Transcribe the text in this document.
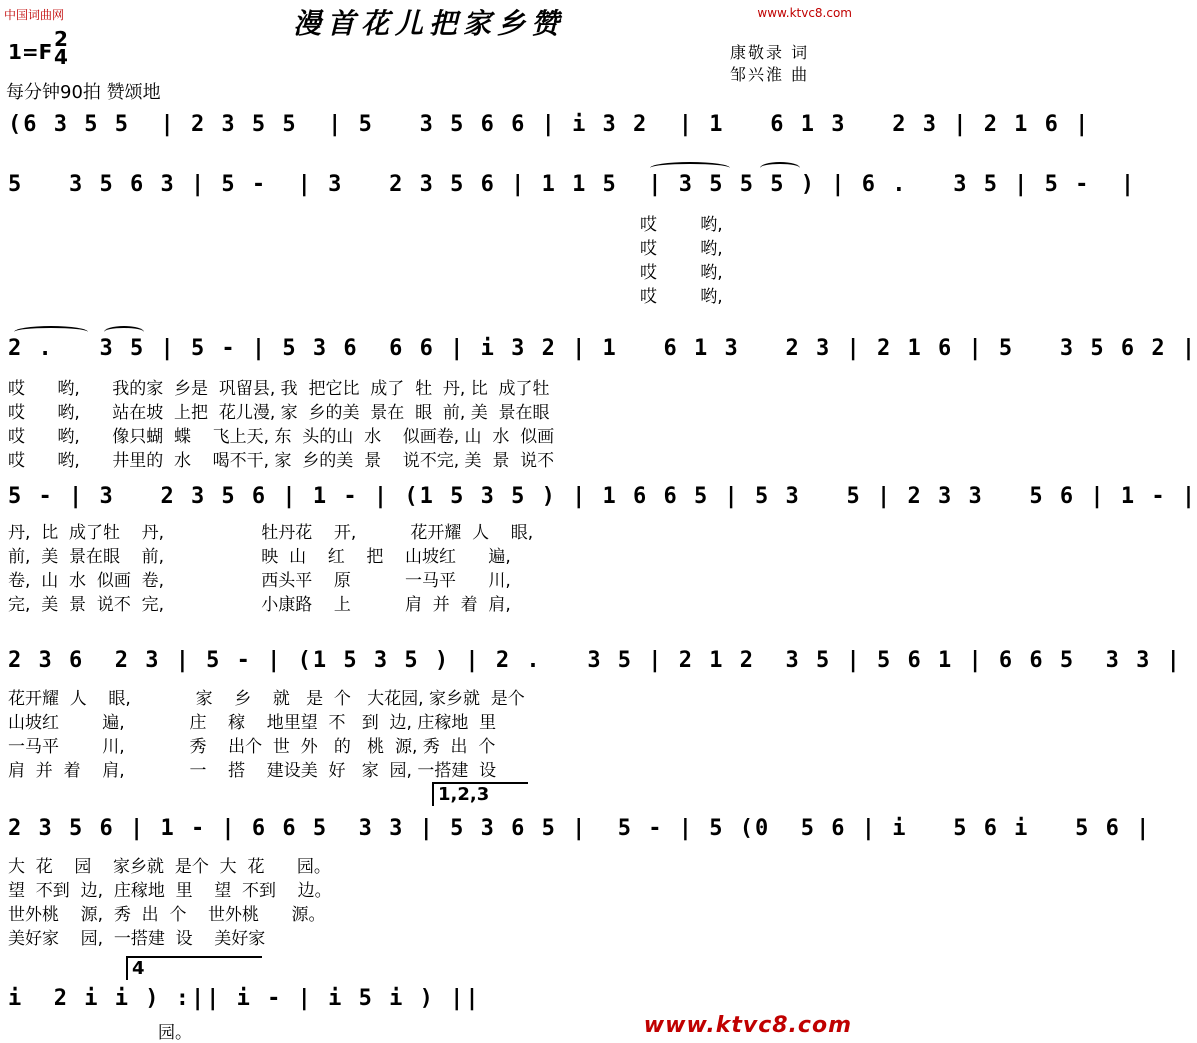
中国词曲网	www.ktvc8.com
漫首花儿把家乡赞
1=F
2
4
每分钟90拍 赞颂地
康敬录 词
邹兴淮 曲
(6 3 5 5  | 2 3 5 5  | 5   3 5 6 6 | i 3 2  | 1   6 1 3   2 3 | 2 1 6 |
5   3 5 6 3 | 5 -  | 3   2 3 5 6 | 1 1 5  | 3 5 5 5 ) | 6 .   3 5 | 5 -  |
哎        哟,
哎        哟,
哎        哟,
哎        哟,
2 .   3 5 | 5 - | 5 3 6  6 6 | i 3 2 | 1   6 1 3   2 3 | 2 1 6 | 5   3 5 6 2 |
哎      哟,      我的家  乡是  巩留县, 我  把它比  成了  牡  丹, 比  成了牡
哎      哟,      站在坡  上把  花儿漫, 家  乡的美  景在  眼  前, 美  景在眼
哎      哟,      像只蝴  蝶    飞上天, 东  头的山  水    似画卷, 山  水  似画
哎      哟,      井里的  水    喝不干, 家  乡的美  景    说不完, 美  景  说不
5 - | 3   2 3 5 6 | 1 - | (1 5 3 5 ) | 1 6 6 5 | 5 3   5 | 2 3 3   5 6 | 1 - |
丹,  比  成了牡    丹,                  牡丹花    开,          花开耀  人    眼,
前,  美  景在眼    前,                  映  山    红    把    山坡红      遍,
卷,  山  水  似画  卷,                  西头平    原          一马平      川,
完,  美  景  说不  完,                  小康路    上          肩  并  着  肩,
2 3 6  2 3 | 5 - | (1 5 3 5 ) | 2 .   3 5 | 2 1 2  3 5 | 5 6 1 | 6 6 5  3 3 |
花开耀  人    眼,            家    乡    就   是  个   大花园, 家乡就  是个
山坡红        遍,            庄    稼    地里望  不   到  边, 庄稼地  里
一马平        川,            秀    出个  世  外   的   桃  源, 秀  出  个
肩  并  着    肩,            一    搭    建设美  好   家  园, 一搭建  设
1,2,3
2 3 5 6 | 1 - | 6 6 5  3 3 | 5 3 6 5 |  5 - | 5 (0  5 6 | i   5 6 i   5 6 |
大  花    园    家乡就  是个  大  花      园。
望  不到  边,  庄稼地  里    望  不到    边。
世外桃    源,  秀  出  个    世外桃      源。
美好家    园,  一搭建  设    美好家
4
i  2 i i ) :|| i - | i 5 i ) ||
园。	www.ktvc8.com
